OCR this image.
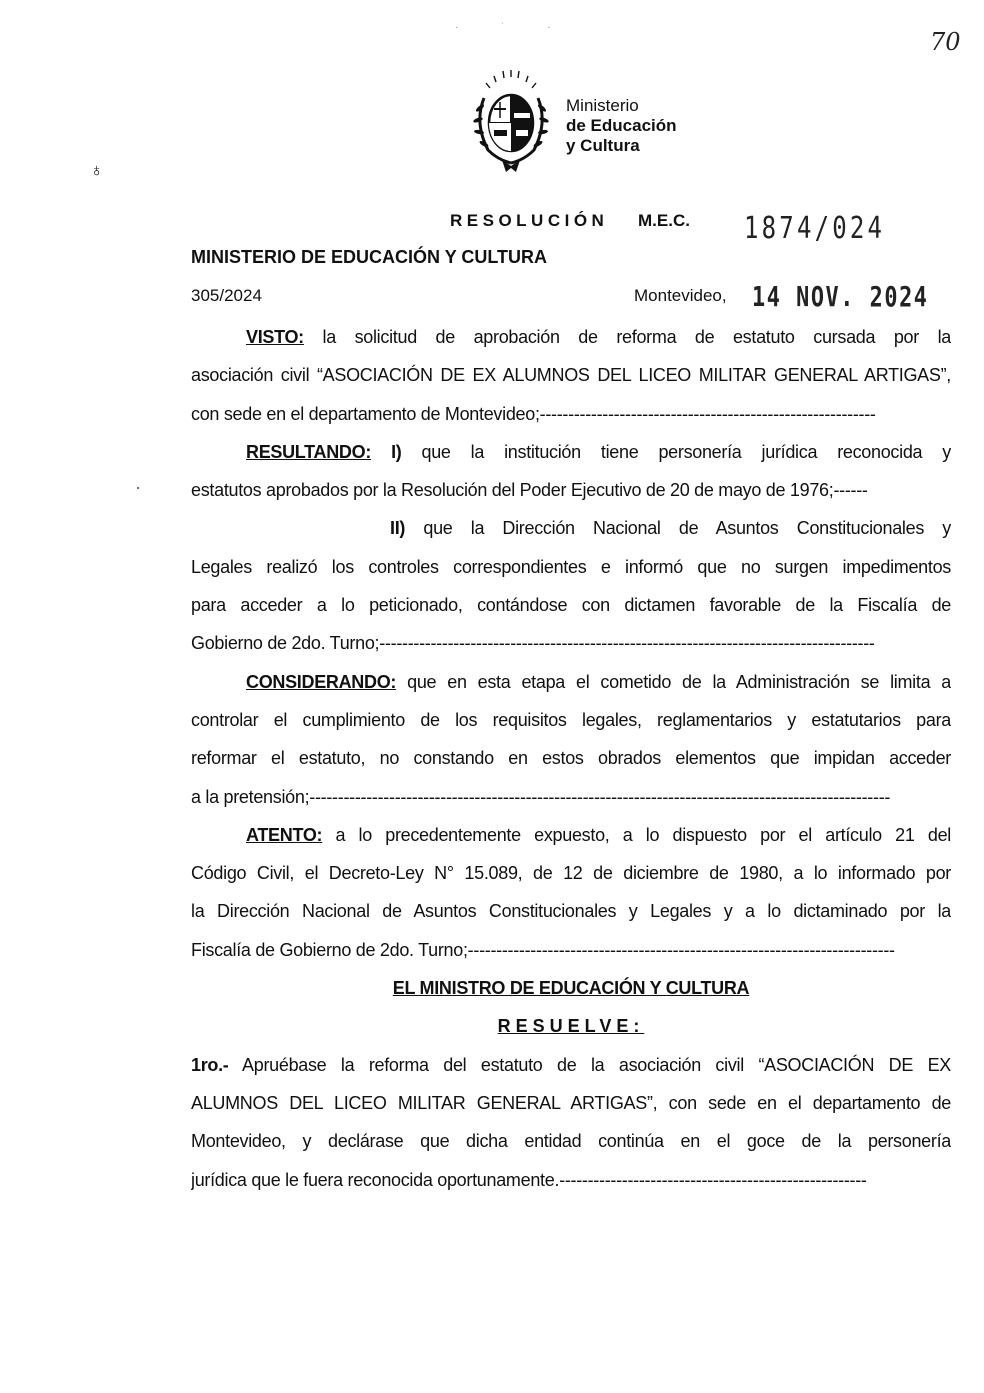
· ˙ ·
70
♁
Ministerio
de Educación
y Cultura
RESOLUCIÓN M.E.C. 1874/024
MINISTERIO DE EDUCACIÓN Y CULTURA
305/2024	Montevideo, 14 NOV. 2024
VISTO: la solicitud de aprobación de reforma de estatuto cursada por la
asociación civil “ASOCIACIÓN DE EX ALUMNOS DEL LICEO MILITAR GENERAL ARTIGAS”,
con sede en el departamento de Montevideo;-----------------------------------------------------------
RESULTANDO: I) que la institución tiene personería jurídica reconocida y
estatutos aprobados por la Resolución del Poder Ejecutivo de 20 de mayo de 1976;------
II) que la Dirección Nacional de Asuntos Constitucionales y
Legales realizó los controles correspondientes e informó que no surgen impedimentos
para acceder a lo peticionado, contándose con dictamen favorable de la Fiscalía de
Gobierno de 2do. Turno;---------------------------------------------------------------------------------------
CONSIDERANDO: que en esta etapa el cometido de la Administración se limita a
controlar el cumplimiento de los requisitos legales, reglamentarios y estatutarios para
reformar el estatuto, no constando en estos obrados elementos que impidan acceder
a la pretensión;------------------------------------------------------------------------------------------------------
ATENTO: a lo precedentemente expuesto, a lo dispuesto por el artículo 21 del
Código Civil, el Decreto-Ley N° 15.089, de 12 de diciembre de 1980, a lo informado por
la Dirección Nacional de Asuntos Constitucionales y Legales y a lo dictaminado por la
Fiscalía de Gobierno de 2do. Turno;---------------------------------------------------------------------------
EL MINISTRO DE EDUCACIÓN Y CULTURA
RESUELVE:
1ro.- Apruébase la reforma del estatuto de la asociación civil “ASOCIACIÓN DE EX
ALUMNOS DEL LICEO MILITAR GENERAL ARTIGAS”, con sede en el departamento de
Montevideo, y declárase que dicha entidad continúa en el goce de la personería
jurídica que le fuera reconocida oportunamente.------------------------------------------------------
